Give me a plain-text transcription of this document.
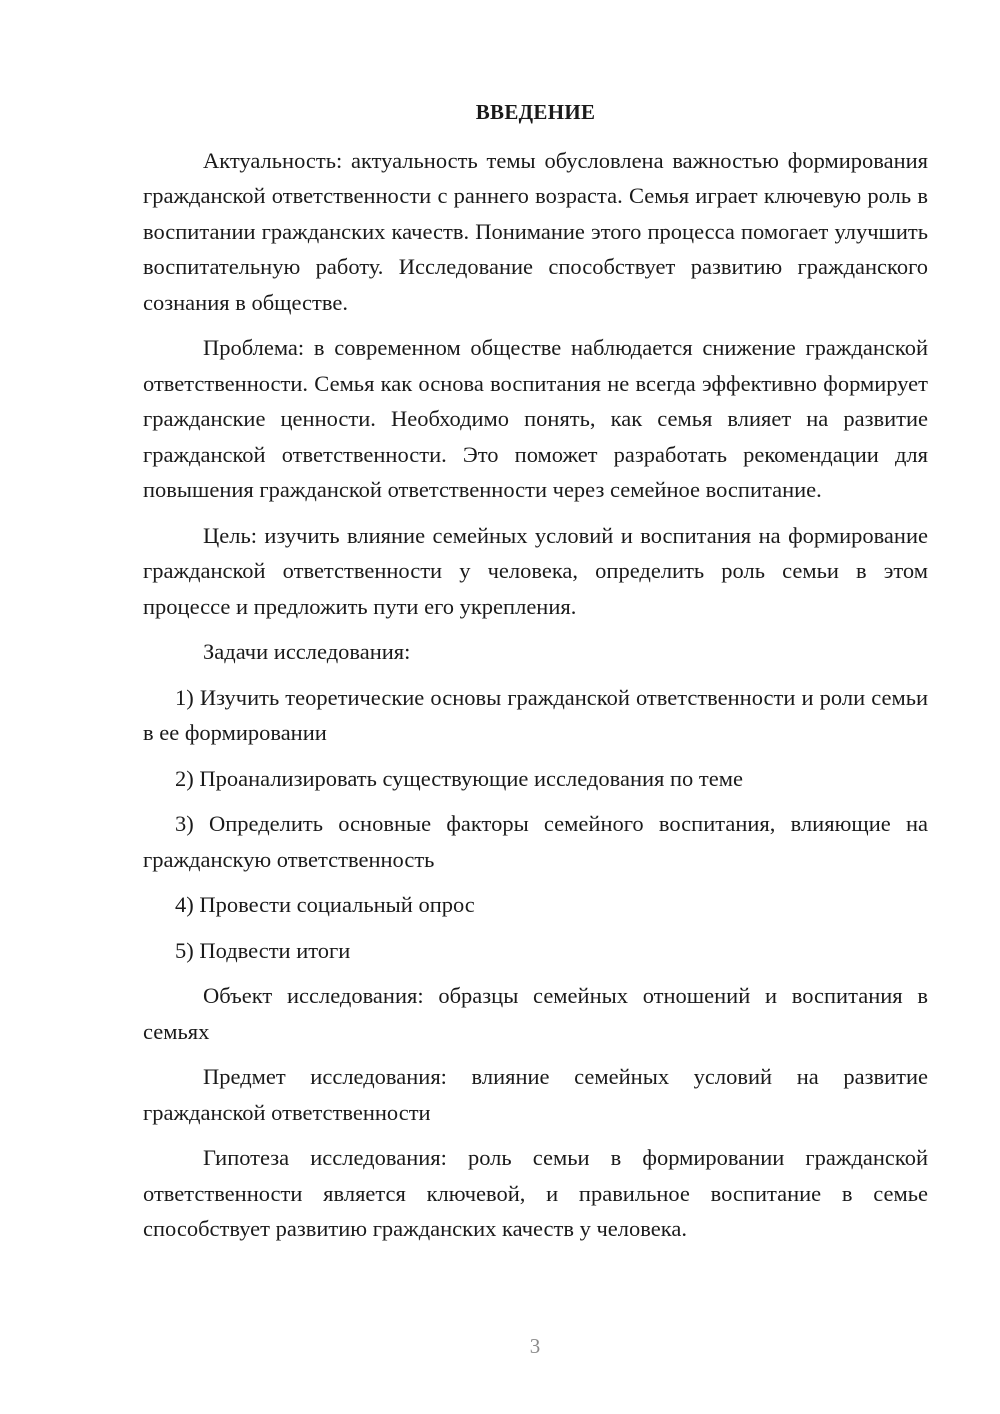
ВВЕДЕНИЕ

Актуальность: актуальность темы обусловлена важностью формирования гражданской ответственности с раннего возраста. Семья играет ключевую роль в воспитании гражданских качеств. Понимание этого процесса помогает улучшить воспитательную работу. Исследование способствует развитию гражданского сознания в обществе.

Проблема: в современном обществе наблюдается снижение гражданской ответственности. Семья как основа воспитания не всегда эффективно формирует гражданские ценности. Необходимо понять, как семья влияет на развитие гражданской ответственности. Это поможет разработать рекомендации для повышения гражданской ответственности через семейное воспитание.

Цель: изучить влияние семейных условий и воспитания на формирование гражданской ответственности у человека, определить роль семьи в этом процессе и предложить пути его укрепления.

Задачи исследования:

1) Изучить теоретические основы гражданской ответственности и роли семьи в ее формировании

2) Проанализировать существующие исследования по теме

3) Определить основные факторы семейного воспитания, влияющие на гражданскую ответственность

4) Провести социальный опрос

5) Подвести итоги

Объект исследования: образцы семейных отношений и воспитания в семьях

Предмет исследования: влияние семейных условий на развитие гражданской ответственности

Гипотеза исследования: роль семьи в формировании гражданской ответственности является ключевой, и правильное воспитание в семье способствует развитию гражданских качеств у человека.

3
